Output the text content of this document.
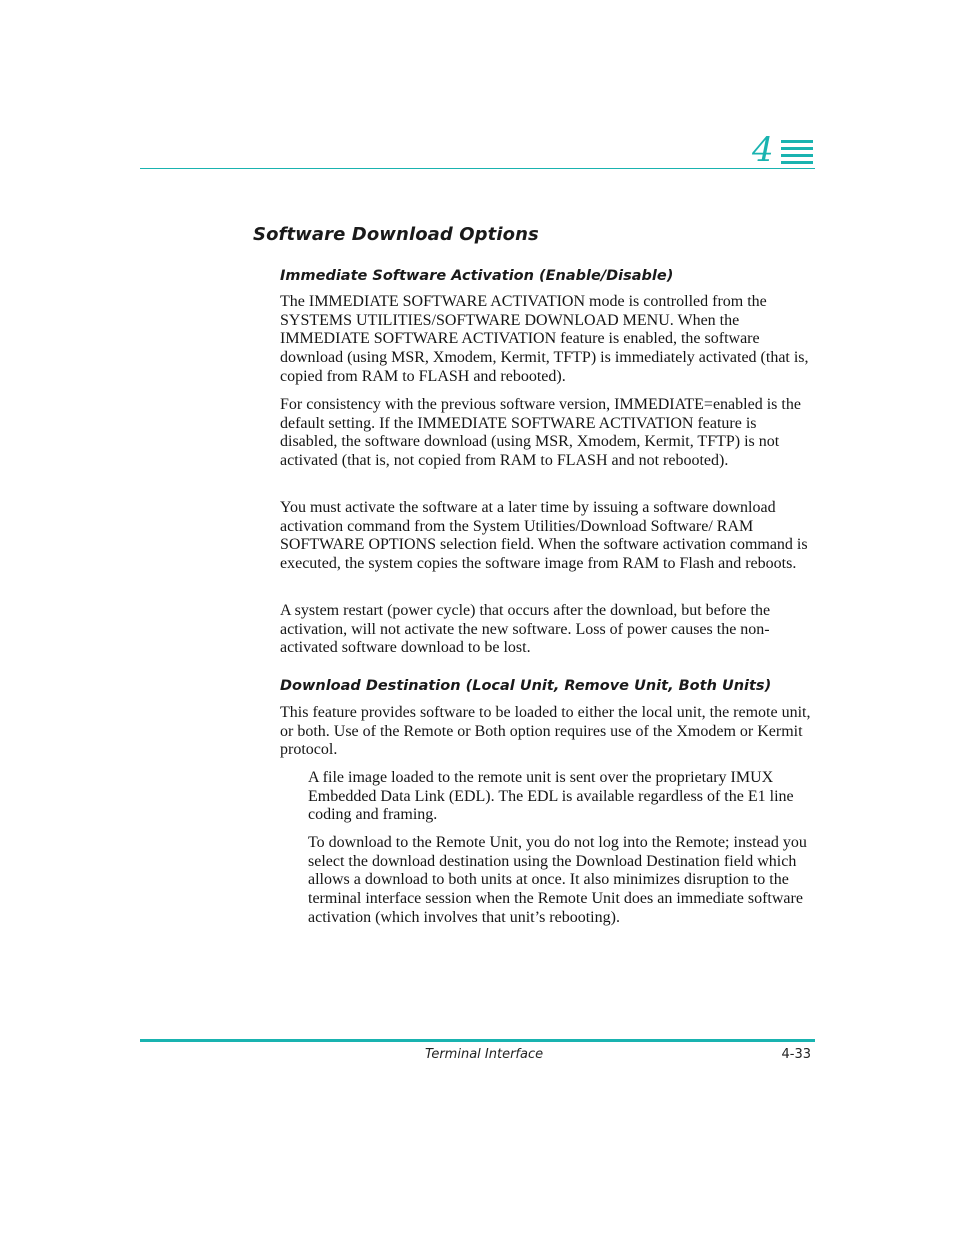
4
Software Download Options
Immediate Software Activation (Enable/Disable)

The IMMEDIATE SOFTWARE ACTIVATION mode is controlled from the SYSTEMS UTILITIES/SOFTWARE DOWNLOAD MENU. When the IMMEDIATE SOFTWARE ACTIVATION feature is enabled, the software download (using MSR, Xmodem, Kermit, TFTP) is immediately activated (that is, copied from RAM to FLASH and rebooted).

For consistency with the previous software version, IMMEDIATE=enabled is the default setting. If the IMMEDIATE SOFTWARE ACTIVATION feature is disabled, the software download (using MSR, Xmodem, Kermit, TFTP) is not activated (that is, not copied from RAM to FLASH and not rebooted).

You must activate the software at a later time by issuing a software download activation command from the System Utilities/Download Software/ RAM SOFTWARE OPTIONS selection field. When the software activation command is executed, the system copies the software image from RAM to Flash and reboots.

A system restart (power cycle) that occurs after the download, but before the activation, will not activate the new software. Loss of power causes the non-activated software download to be lost.

Download Destination (Local Unit, Remove Unit, Both Units)

This feature provides software to be loaded to either the local unit, the remote unit, or both. Use of the Remote or Both option requires use of the Xmodem or Kermit protocol.

A file image loaded to the remote unit is sent over the proprietary IMUX Embedded Data Link (EDL). The EDL is available regardless of the E1 line coding and framing.

To download to the Remote Unit, you do not log into the Remote; instead you select the download destination using the Download Destination field which allows a download to both units at once. It also minimizes disruption to the terminal interface session when the Remote Unit does an immediate software activation (which involves that unit’s rebooting).

Terminal Interface	4-33
